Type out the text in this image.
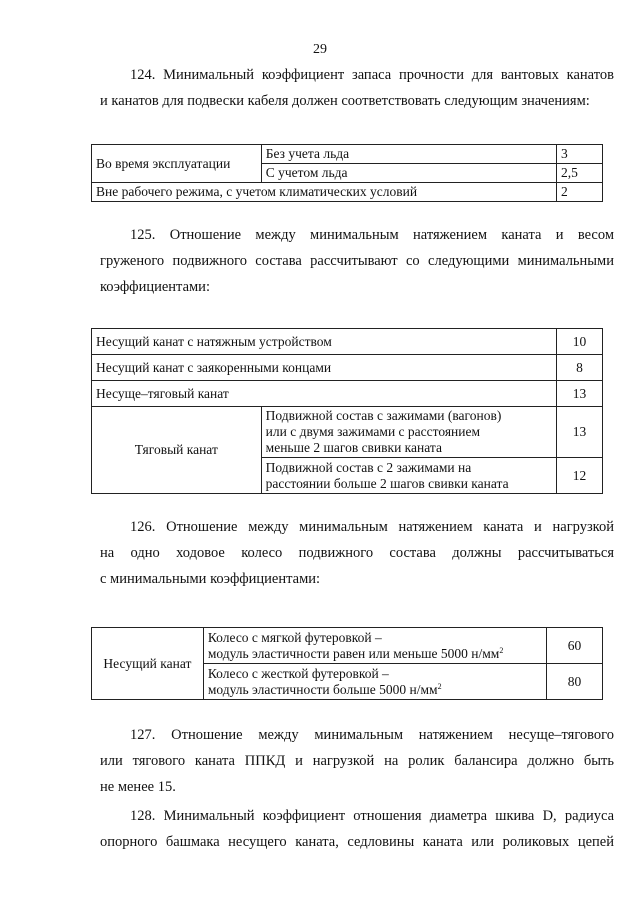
29

124. Минимальный коэффициент запаса прочности для вантовых канатов
и канатов для подвески кабеля должен соответствовать следующим значениям:

Во время эксплуатации	Без учета льда	3
	С учетом льда	2,5
Вне рабочего режима, с учетом климатических условий		2

125. Отношение между минимальным натяжением каната и весом
груженого подвижного состава рассчитывают со следующими минимальными
коэффициентами:

Несущий канат с натяжным устройством		10
Несущий канат с заякоренными концами		8
Несуще–тяговый канат		13
Тяговый канат	Подвижной состав с зажимами (вагонов)
или с двумя зажимами с расстоянием
меньше 2 шагов свивки каната	13

	Подвижной состав с 2 зажимами на
расстоянии больше 2 шагов свивки каната	12

126. Отношение между минимальным натяжением каната и нагрузкой
на одно ходовое колесо подвижного состава должны рассчитываться
с минимальными коэффициентами:

Несущий канат	Колесо с мягкой футеровкой –
модуль эластичности равен или меньше 5000 $н/мм^2$	60

	Колесо с жесткой футеровкой –
модуль эластичности больше 5000 $н/мм^2$	80

127. Отношение между минимальным натяжением несуще–тягового
или тягового каната ППКД и нагрузкой на ролик балансира должно быть
не менее 15.

128. Минимальный коэффициент отношения диаметра шкива D, радиуса
опорного башмака несущего каната, седловины каната или роликовых цепей
